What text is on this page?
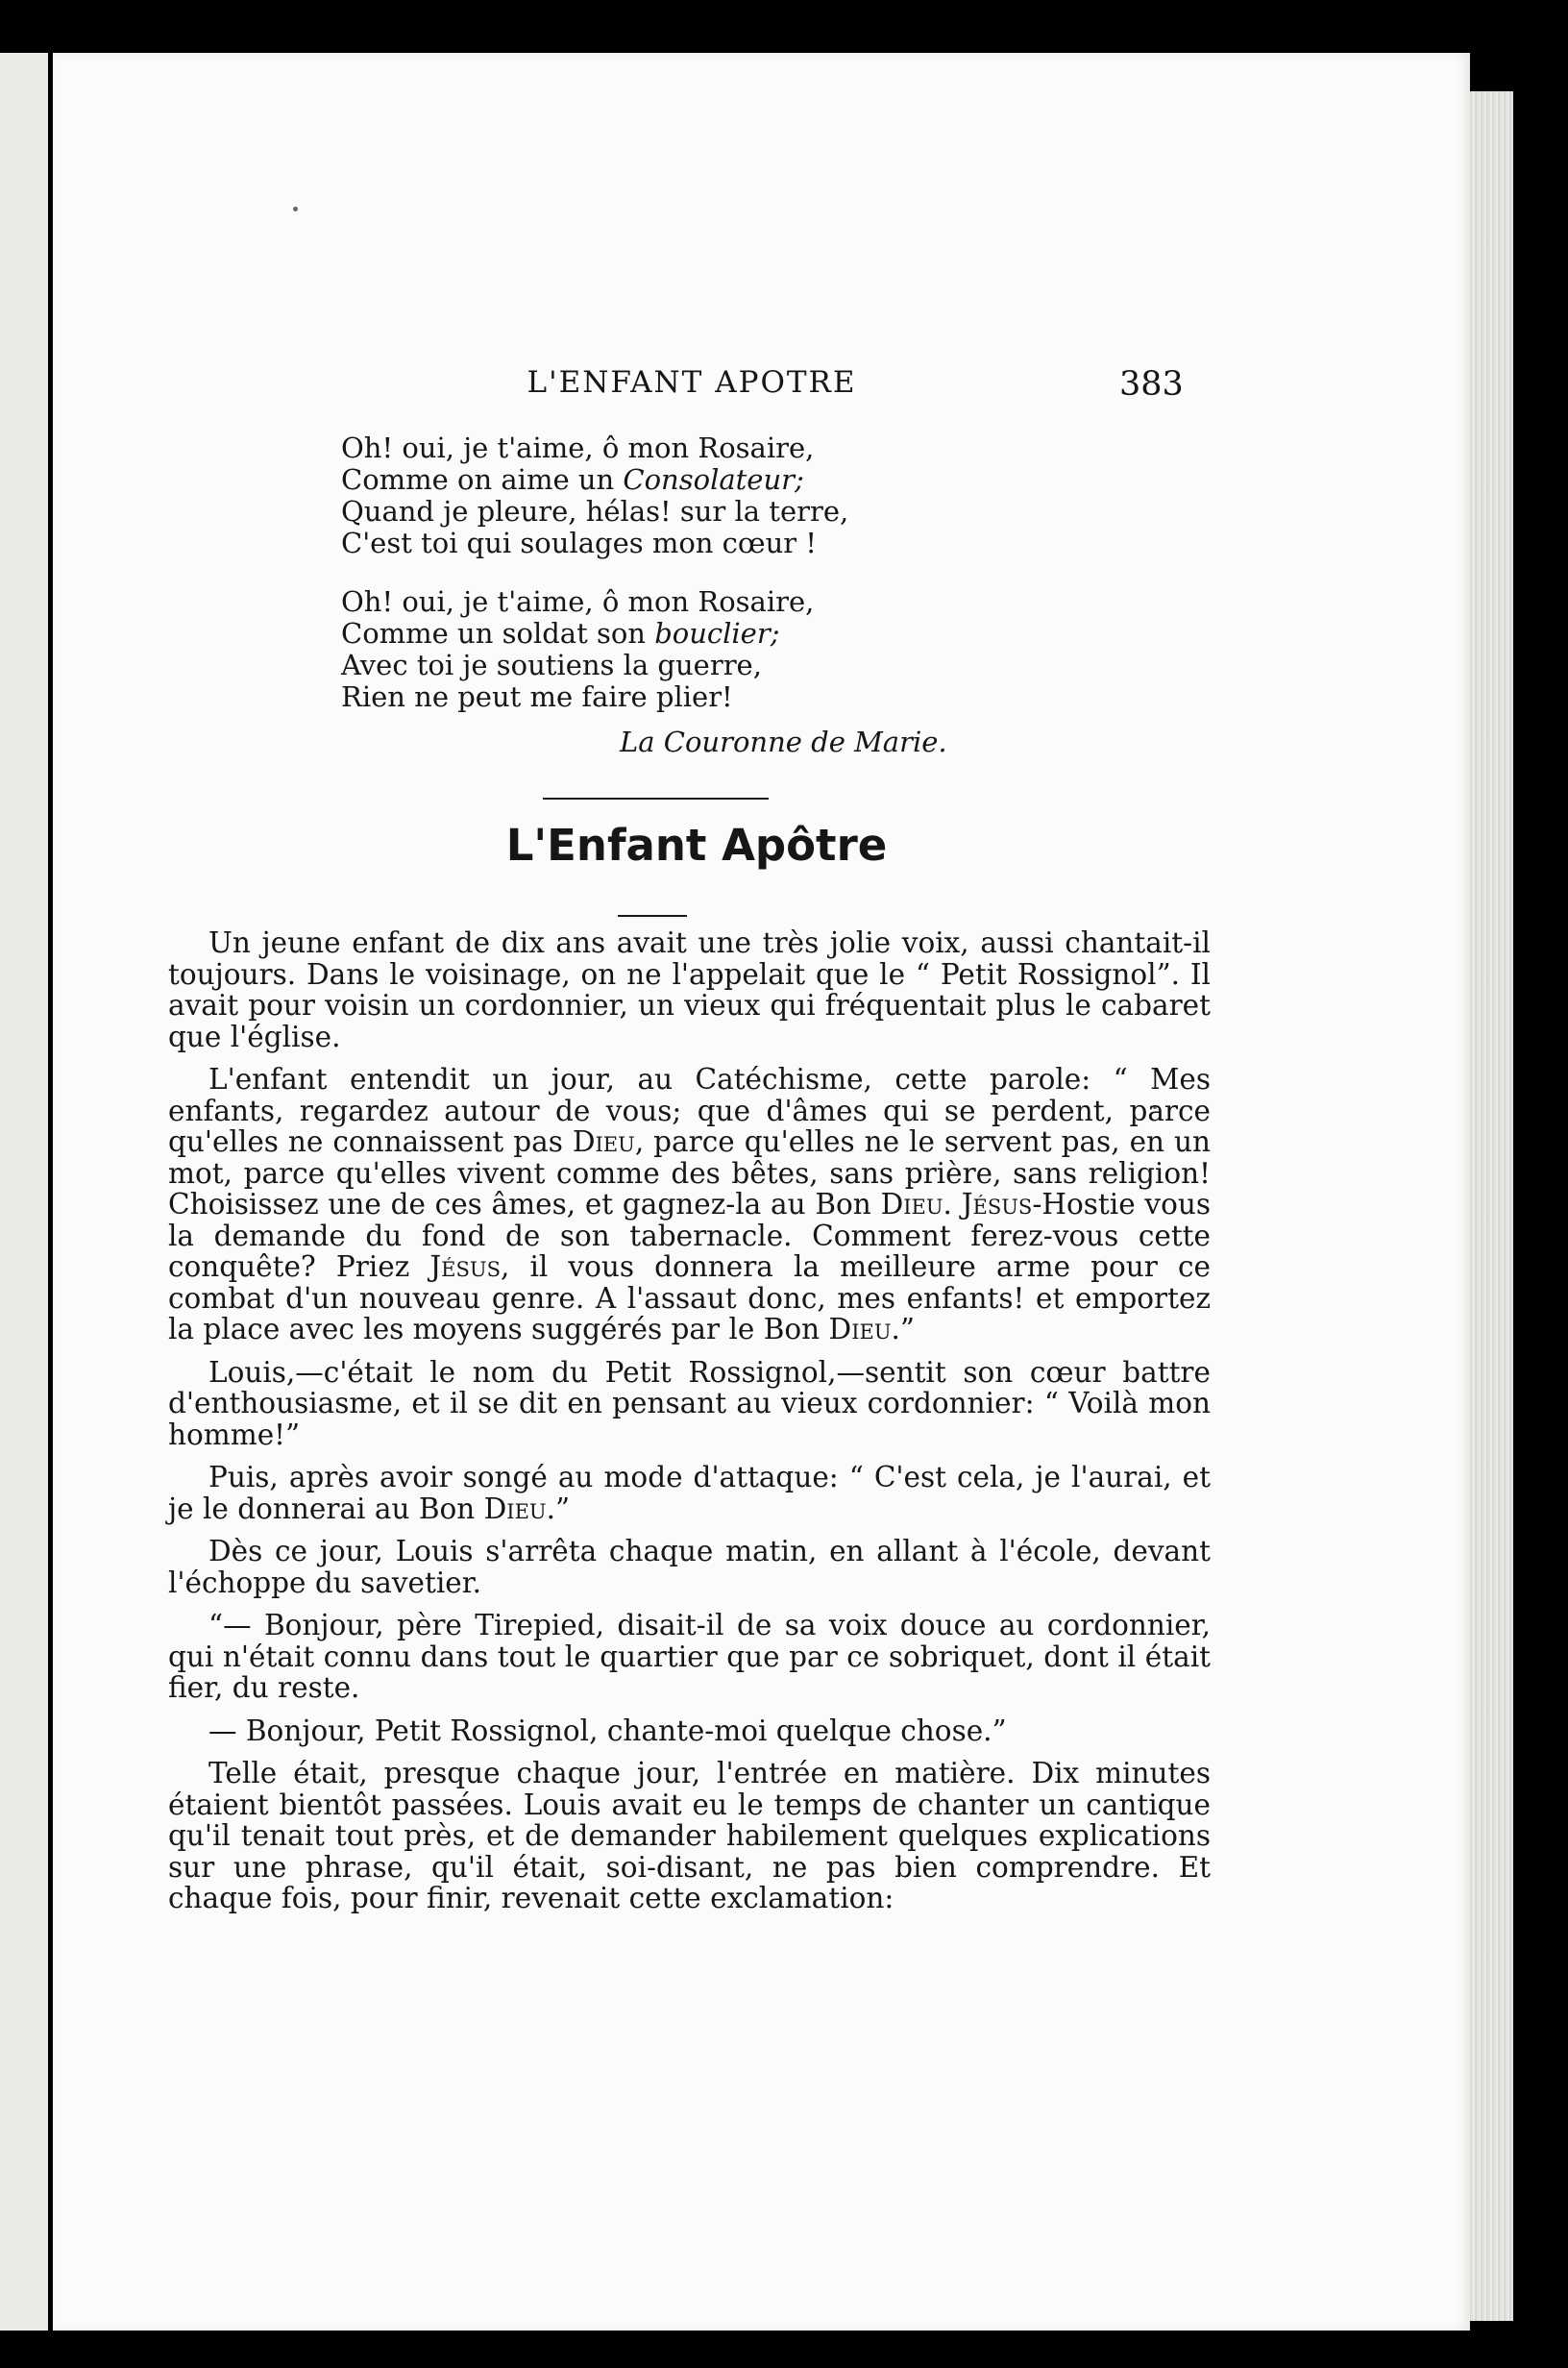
L'ENFANT APOTRE	383
Oh! oui, je t'aime, ô mon Rosaire,
Comme on aime un Consolateur;
Quand je pleure, hélas! sur la terre,
C'est toi qui soulages mon cœur !
Oh! oui, je t'aime, ô mon Rosaire,
Comme un soldat son bouclier;
Avec toi je soutiens la guerre,
Rien ne peut me faire plier!
La Couronne de Marie.
L'Enfant Apôtre

Un jeune enfant de dix ans avait une très jolie voix, aussi chantait-il toujours. Dans le voisinage, on ne l'appelait que le “ Petit Rossignol”. Il avait pour voisin un cordonnier, un vieux qui fréquentait plus le cabaret que l'église.

L'enfant entendit un jour, au Catéchisme, cette parole: “ Mes enfants, regardez autour de vous; que d'âmes qui se perdent, parce qu'elles ne connaissent pas Dieu, parce qu'elles ne le servent pas, en un mot, parce qu'elles vivent comme des bêtes, sans prière, sans religion! Choisissez une de ces âmes, et gagnez-la au Bon Dieu. Jésus-Hostie vous la demande du fond de son tabernacle. Comment ferez-vous cette conquête? Priez Jésus, il vous donnera la meilleure arme pour ce combat d'un nouveau genre. A l'assaut donc, mes enfants! et emportez la place avec les moyens suggérés par le Bon Dieu.”

Louis,—c'était le nom du Petit Rossignol,—sentit son cœur battre d'enthousiasme, et il se dit en pensant au vieux cordonnier: “ Voilà mon homme!”

Puis, après avoir songé au mode d'attaque: “ C'est cela, je l'aurai, et je le donnerai au Bon Dieu.”

Dès ce jour, Louis s'arrêta chaque matin, en allant à l'école, devant l'échoppe du savetier.

“— Bonjour, père Tirepied, disait-il de sa voix douce au cordonnier, qui n'était connu dans tout le quartier que par ce sobriquet, dont il était fier, du reste.

— Bonjour, Petit Rossignol, chante-moi quelque chose.”

Telle était, presque chaque jour, l'entrée en matière. Dix minutes étaient bientôt passées. Louis avait eu le temps de chanter un cantique qu'il tenait tout près, et de demander habilement quelques explications sur une phrase, qu'il était, soi-disant, ne pas bien comprendre. Et chaque fois, pour finir, revenait cette exclamation:
